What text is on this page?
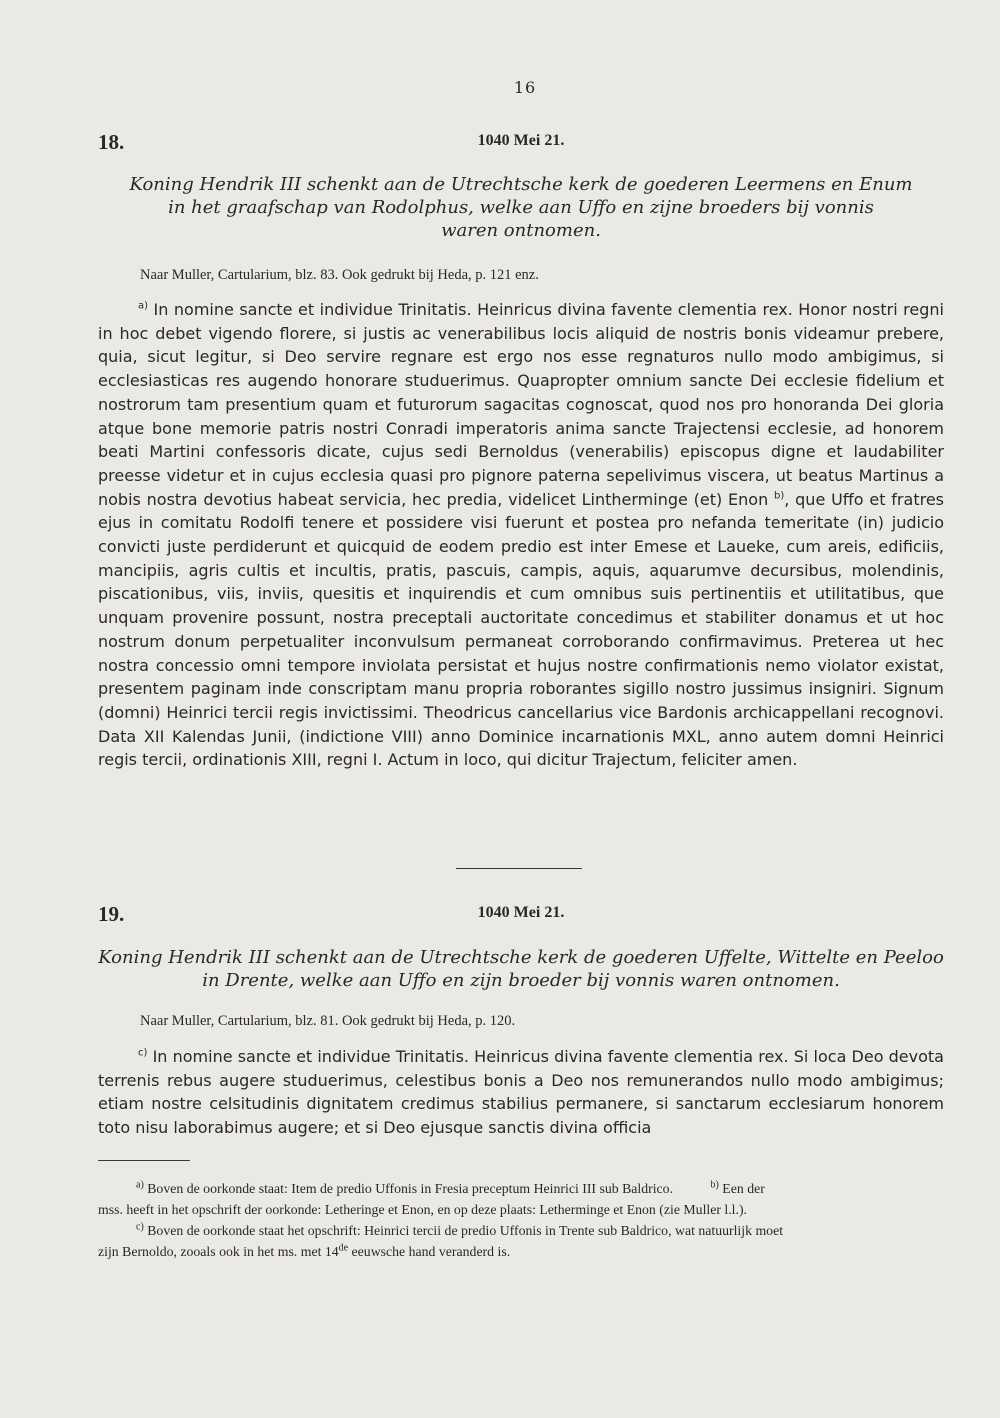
16
18.	1040 Mei 21.
Koning Hendrik III schenkt aan de Utrechtsche kerk de goederen Leermens en Enum
in het graafschap van Rodolphus, welke aan Uffo en zijne broeders bij vonnis
waren ontnomen.
Naar Muller, Cartularium, blz. 83. Ook gedrukt bij Heda, p. 121 enz.
$^{a)}$ In nomine sancte et individue Trinitatis. Heinricus divina favente clementia rex. Honor nostri regni in hoc debet vigendo florere, si justis ac venerabilibus locis aliquid de nostris bonis videamur prebere, quia, sicut legitur, si Deo servire regnare est ergo nos esse regnaturos nullo modo ambigimus, si ecclesiasticas res augendo honorare studuerimus. Quapropter omnium sancte Dei ecclesie fidelium et nostrorum tam presentium quam et futurorum sagacitas cognoscat, quod nos pro honoranda Dei gloria atque bone memorie patris nostri Conradi imperatoris anima sancte Trajectensi ecclesie, ad honorem beati Martini confessoris dicate, cujus sedi Bernoldus (venerabilis) episcopus digne et laudabiliter preesse videtur et in cujus ecclesia quasi pro pignore paterna sepelivimus viscera, ut beatus Martinus a nobis nostra devotius habeat servicia, hec predia, videlicet Lintherminge (et) Enon $^{b)}$, que Uffo et fratres ejus in comitatu Rodolfi tenere et possidere visi fuerunt et postea pro nefanda temeritate (in) judicio convicti juste perdiderunt et quicquid de eodem predio est inter Emese et Laueke, cum areis, edificiis, mancipiis, agris cultis et incultis, pratis, pascuis, campis, aquis, aquarumve decursibus, molendinis, piscationibus, viis, inviis, quesitis et inquirendis et cum omnibus suis pertinentiis et utilitatibus, que unquam provenire possunt, nostra preceptali auctoritate concedimus et stabiliter donamus et ut hoc nostrum donum perpetualiter inconvulsum permaneat corroborando confirmavimus. Preterea ut hec nostra concessio omni tempore inviolata persistat et hujus nostre confirmationis nemo violator existat, presentem paginam inde conscriptam manu propria roborantes sigillo nostro jussimus insigniri. Signum (domni) Heinrici tercii regis invictissimi. Theodricus cancellarius vice Bardonis archicappellani recognovi. Data XII Kalendas Junii, (indictione VIII) anno Dominice incarnationis MXL, anno autem domni Heinrici regis tercii, ordinationis XIII, regni I. Actum in loco, qui dicitur Trajectum, feliciter amen.
19.	1040 Mei 21.
Koning Hendrik III schenkt aan de Utrechtsche kerk de goederen Uffelte, Wittelte en Peeloo
in Drente, welke aan Uffo en zijn broeder bij vonnis waren ontnomen.
Naar Muller, Cartularium, blz. 81. Ook gedrukt bij Heda, p. 120.
$^{c)}$ In nomine sancte et individue Trinitatis. Heinricus divina favente clementia rex. Si loca Deo devota terrenis rebus augere studuerimus, celestibus bonis a Deo nos remunerandos nullo modo ambigimus; etiam nostre celsitudinis dignitatem credimus stabilius permanere, si sanctarum ecclesiarum honorem toto nisu laborabimus augere; et si Deo ejusque sanctis divina officia
$^{a)}$ Boven de oorkonde staat: Item de predio Uffonis in Fresia preceptum Heinrici III sub Baldrico.	$^{b)}$ Een der
mss. heeft in het opschrift der oorkonde: Letheringe et Enon, en op deze plaats: Letherminge et Enon (zie Muller l.l.).
$^{c)}$ Boven de oorkonde staat het opschrift: Heinrici tercii de predio Uffonis in Trente sub Baldrico, wat natuurlijk moet
zijn Bernoldo, zooals ook in het ms. met 14de eeuwsche hand veranderd is.
